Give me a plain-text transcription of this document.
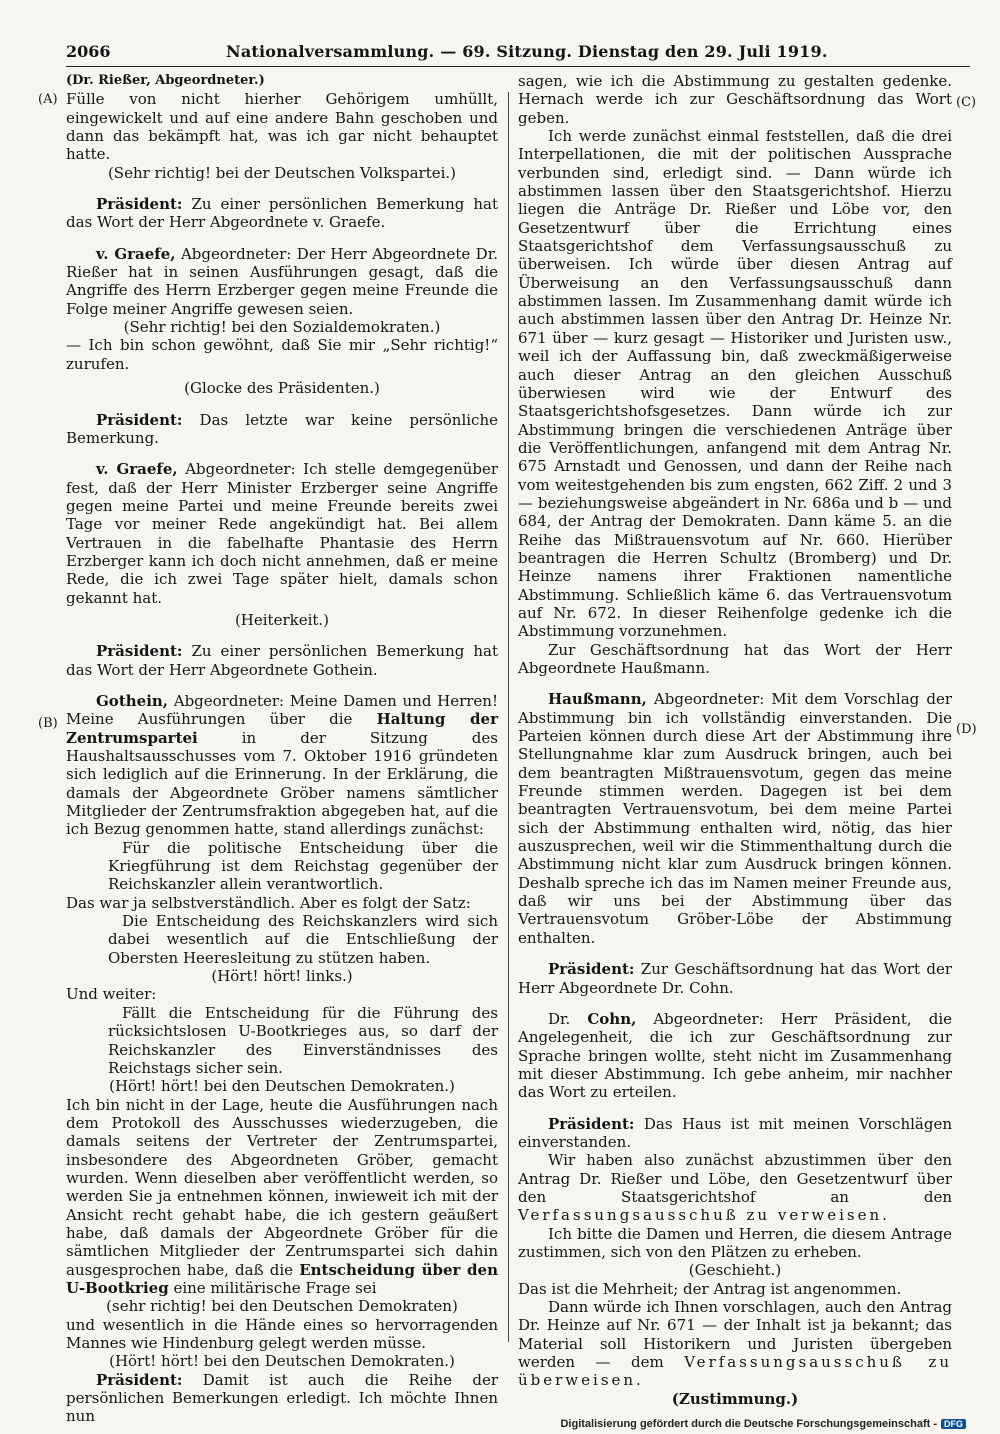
2066	Nationalversammlung. — 69. Sitzung. Dienstag den 29. Juli 1919.
(A)
(B)
(C)
(D)

(Dr. Rießer, Abgeordneter.)

Fülle von nicht hierher Gehörigem umhüllt, eingewickelt und auf eine andere Bahn geschoben und dann das bekämpft hat, was ich gar nicht behauptet hatte.

(Sehr richtig! bei der Deutschen Volkspartei.)

Präsident: Zu einer persönlichen Bemerkung hat das Wort der Herr Abgeordnete v. Graefe.

v. Graefe, Abgeordneter: Der Herr Abgeordnete Dr. Rießer hat in seinen Ausführungen gesagt, daß die Angriffe des Herrn Erzberger gegen meine Freunde die Folge meiner Angriffe gewesen seien.

(Sehr richtig! bei den Sozialdemokraten.)

— Ich bin schon gewöhnt, daß Sie mir „Sehr richtig!“ zurufen.

(Glocke des Präsidenten.)

Präsident: Das letzte war keine persönliche Bemerkung.

v. Graefe, Abgeordneter: Ich stelle demgegenüber fest, daß der Herr Minister Erzberger seine Angriffe gegen meine Partei und meine Freunde bereits zwei Tage vor meiner Rede angekündigt hat. Bei allem Vertrauen in die fabelhafte Phantasie des Herrn Erzberger kann ich doch nicht annehmen, daß er meine Rede, die ich zwei Tage später hielt, damals schon gekannt hat.

(Heiterkeit.)

Präsident: Zu einer persönlichen Bemerkung hat das Wort der Herr Abgeordnete Gothein.

Gothein, Abgeordneter: Meine Damen und Herren! Meine Ausführungen über die Haltung der Zentrumspartei in der Sitzung des Haushaltsausschusses vom 7. Oktober 1916 gründeten sich lediglich auf die Erinnerung. In der Erklärung, die damals der Abgeordnete Gröber namens sämtlicher Mitglieder der Zentrumsfraktion abgegeben hat, auf die ich Bezug genommen hatte, stand allerdings zunächst:

Für die politische Entscheidung über die Kriegführung ist dem Reichstag gegenüber der Reichskanzler allein verantwortlich.

Das war ja selbstverständlich. Aber es folgt der Satz:

Die Entscheidung des Reichskanzlers wird sich dabei wesentlich auf die Entschließung der Obersten Heeresleitung zu stützen haben.

(Hört! hört! links.)

Und weiter:

Fällt die Entscheidung für die Führung des rücksichtslosen U-Bootkrieges aus, so darf der Reichskanzler des Einverständnisses des Reichstags sicher sein.

(Hört! hört! bei den Deutschen Demokraten.)

Ich bin nicht in der Lage, heute die Ausführungen nach dem Protokoll des Ausschusses wiederzugeben, die damals seitens der Vertreter der Zentrumspartei, insbesondere des Abgeordneten Gröber, gemacht wurden. Wenn dieselben aber veröffentlicht werden, so werden Sie ja entnehmen können, inwieweit ich mit der Ansicht recht gehabt habe, die ich gestern geäußert habe, daß damals der Abgeordnete Gröber für die sämtlichen Mitglieder der Zentrumspartei sich dahin ausgesprochen habe, daß die Entscheidung über den U-Bootkrieg eine militärische Frage sei

(sehr richtig! bei den Deutschen Demokraten)

und wesentlich in die Hände eines so hervorragenden Mannes wie Hindenburg gelegt werden müsse.

(Hört! hört! bei den Deutschen Demokraten.)

Präsident: Damit ist auch die Reihe der persönlichen Bemerkungen erledigt. Ich möchte Ihnen nun

sagen, wie ich die Abstimmung zu gestalten gedenke. Hernach werde ich zur Geschäftsordnung das Wort geben.

Ich werde zunächst einmal feststellen, daß die drei Interpellationen, die mit der politischen Aussprache verbunden sind, erledigt sind. — Dann würde ich abstimmen lassen über den Staatsgerichtshof. Hierzu liegen die Anträge Dr. Rießer und Löbe vor, den Gesetzentwurf über die Errichtung eines Staatsgerichtshof dem Verfassungsausschuß zu überweisen. Ich würde über diesen Antrag auf Überweisung an den Verfassungsausschuß dann abstimmen lassen. Im Zusammenhang damit würde ich auch abstimmen lassen über den Antrag Dr. Heinze Nr. 671 über — kurz gesagt — Historiker und Juristen usw., weil ich der Auffassung bin, daß zweckmäßigerweise auch dieser Antrag an den gleichen Ausschuß überwiesen wird wie der Entwurf des Staatsgerichtshofsgesetzes. Dann würde ich zur Abstimmung bringen die verschiedenen Anträge über die Veröffentlichungen, anfangend mit dem Antrag Nr. 675 Arnstadt und Genossen, und dann der Reihe nach vom weitestgehenden bis zum engsten, 662 Ziff. 2 und 3 — beziehungsweise abgeändert in Nr. 686a und b — und 684, der Antrag der Demokraten. Dann käme 5. an die Reihe das Mißtrauensvotum auf Nr. 660. Hierüber beantragen die Herren Schultz (Bromberg) und Dr. Heinze namens ihrer Fraktionen namentliche Abstimmung. Schließlich käme 6. das Vertrauensvotum auf Nr. 672. In dieser Reihenfolge gedenke ich die Abstimmung vorzunehmen.

Zur Geschäftsordnung hat das Wort der Herr Abgeordnete Haußmann.

Haußmann, Abgeordneter: Mit dem Vorschlag der Abstimmung bin ich vollständig einverstanden. Die Parteien können durch diese Art der Abstimmung ihre Stellungnahme klar zum Ausdruck bringen, auch bei dem beantragten Mißtrauensvotum, gegen das meine Freunde stimmen werden. Dagegen ist bei dem beantragten Vertrauensvotum, bei dem meine Partei sich der Abstimmung enthalten wird, nötig, das hier auszusprechen, weil wir die Stimmenthaltung durch die Abstimmung nicht klar zum Ausdruck bringen können. Deshalb spreche ich das im Namen meiner Freunde aus, daß wir uns bei der Abstimmung über das Vertrauensvotum Gröber-Löbe der Abstimmung enthalten.

Präsident: Zur Geschäftsordnung hat das Wort der Herr Abgeordnete Dr. Cohn.

Dr. Cohn, Abgeordneter: Herr Präsident, die Angelegenheit, die ich zur Geschäftsordnung zur Sprache bringen wollte, steht nicht im Zusammenhang mit dieser Abstimmung. Ich gebe anheim, mir nachher das Wort zu erteilen.

Präsident: Das Haus ist mit meinen Vorschlägen einverstanden.

Wir haben also zunächst abzustimmen über den Antrag Dr. Rießer und Löbe, den Gesetzentwurf über den Staatsgerichtshof an den Verfassungsausschuß zu verweisen.

Ich bitte die Damen und Herren, die diesem Antrage zustimmen, sich von den Plätzen zu erheben.

(Geschieht.)

Das ist die Mehrheit; der Antrag ist angenommen.

Dann würde ich Ihnen vorschlagen, auch den Antrag Dr. Heinze auf Nr. 671 — der Inhalt ist ja bekannt; das Material soll Historikern und Juristen übergeben werden — dem Verfassungsausschuß zu überweisen.

(Zustimmung.)

Digitalisierung gefördert durch die Deutsche Forschungsgemeinschaft - DFG
